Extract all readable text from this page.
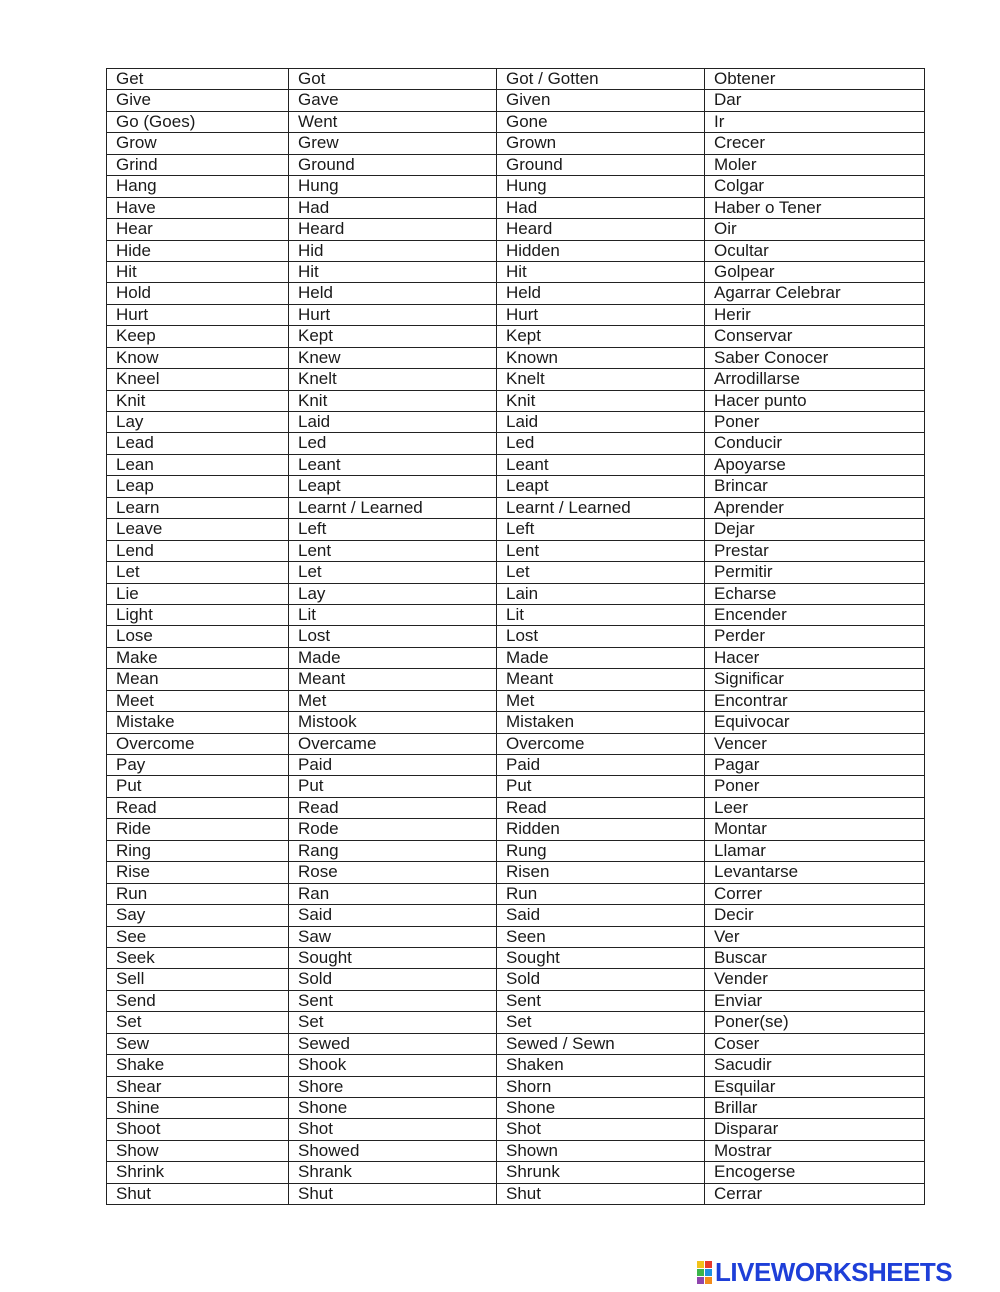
Get	Got	Got / Gotten	Obtener
Give	Gave	Given	Dar
Go (Goes)	Went	Gone	Ir
Grow	Grew	Grown	Crecer
Grind	Ground	Ground	Moler
Hang	Hung	Hung	Colgar
Have	Had	Had	Haber o Tener
Hear	Heard	Heard	Oir
Hide	Hid	Hidden	Ocultar
Hit	Hit	Hit	Golpear
Hold	Held	Held	Agarrar Celebrar
Hurt	Hurt	Hurt	Herir
Keep	Kept	Kept	Conservar
Know	Knew	Known	Saber Conocer
Kneel	Knelt	Knelt	Arrodillarse
Knit	Knit	Knit	Hacer punto
Lay	Laid	Laid	Poner
Lead	Led	Led	Conducir
Lean	Leant	Leant	Apoyarse
Leap	Leapt	Leapt	Brincar
Learn	Learnt / Learned	Learnt / Learned	Aprender
Leave	Left	Left	Dejar
Lend	Lent	Lent	Prestar
Let	Let	Let	Permitir
Lie	Lay	Lain	Echarse
Light	Lit	Lit	Encender
Lose	Lost	Lost	Perder
Make	Made	Made	Hacer
Mean	Meant	Meant	Significar
Meet	Met	Met	Encontrar
Mistake	Mistook	Mistaken	Equivocar
Overcome	Overcame	Overcome	Vencer
Pay	Paid	Paid	Pagar
Put	Put	Put	Poner
Read	Read	Read	Leer
Ride	Rode	Ridden	Montar
Ring	Rang	Rung	Llamar
Rise	Rose	Risen	Levantarse
Run	Ran	Run	Correr
Say	Said	Said	Decir
See	Saw	Seen	Ver
Seek	Sought	Sought	Buscar
Sell	Sold	Sold	Vender
Send	Sent	Sent	Enviar
Set	Set	Set	Poner(se)
Sew	Sewed	Sewed / Sewn	Coser
Shake	Shook	Shaken	Sacudir
Shear	Shore	Shorn	Esquilar
Shine	Shone	Shone	Brillar
Shoot	Shot	Shot	Disparar
Show	Showed	Shown	Mostrar
Shrink	Shrank	Shrunk	Encogerse
Shut	Shut	Shut	Cerrar
LIVEWORKSHEETS
